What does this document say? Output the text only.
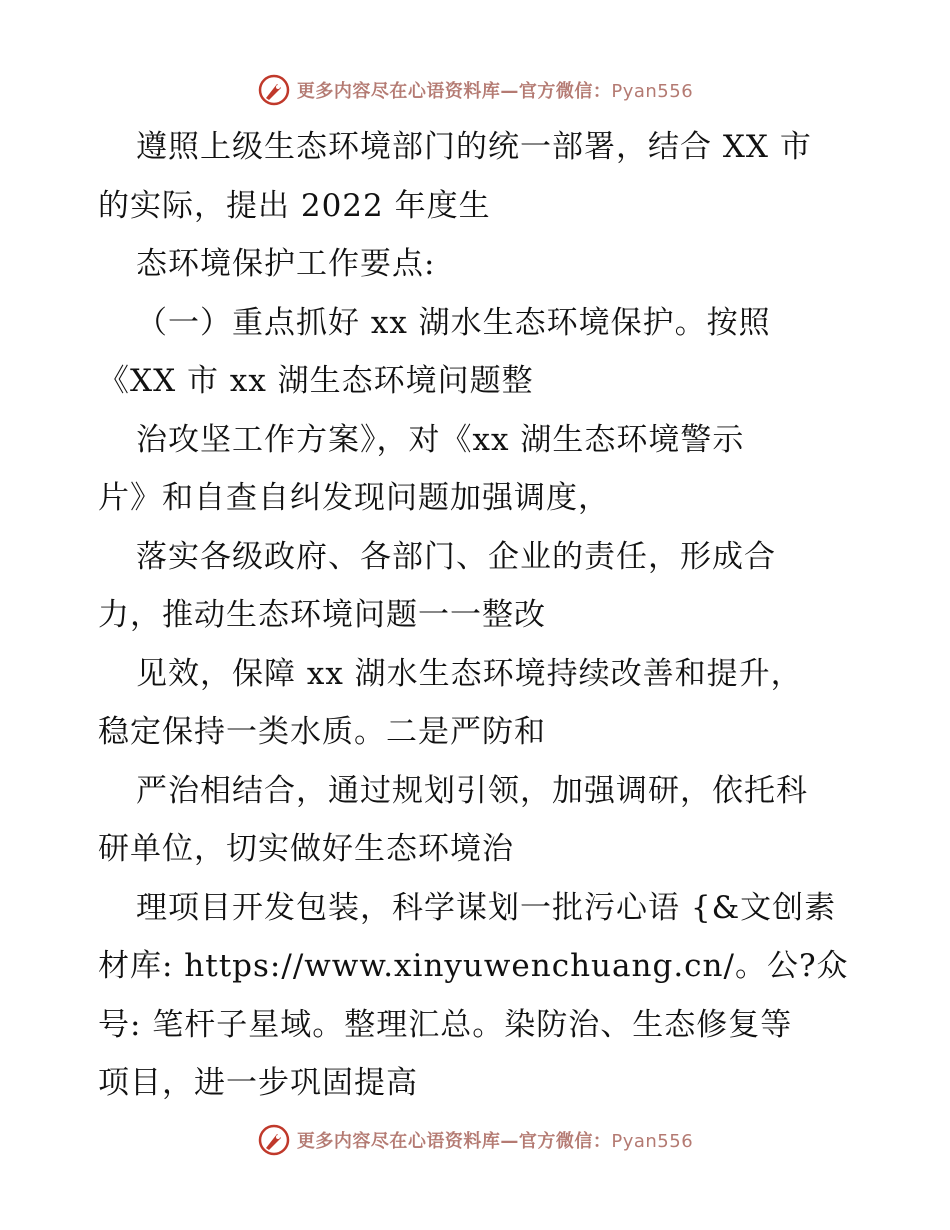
更多内容尽在心语资料库—官方微信：Pyan556
遵照上级生态环境部门的统一部署，结合 XX 市
的实际，提出 2022 年度生
态环境保护工作要点:
（一）重点抓好 xx 湖水生态环境保护。按照
《XX 市 xx 湖生态环境问题整
治攻坚工作方案》，对《xx 湖生态环境警示
片》和自查自纠发现问题加强调度，
落实各级政府、各部门、企业的责任，形成合
力，推动生态环境问题一一整改
见效，保障 xx 湖水生态环境持续改善和提升，
稳定保持一类水质。二是严防和
严治相结合，通过规划引领，加强调研，依托科
研单位，切实做好生态环境治
理项目开发包装，科学谋划一批污心语 {&文创素
材库: https://www.xinyuwenchuang.cn/。公?众
号: 笔杆子星域。整理汇总。染防治、生态修复等
项目，进一步巩固提高
更多内容尽在心语资料库—官方微信：Pyan556
